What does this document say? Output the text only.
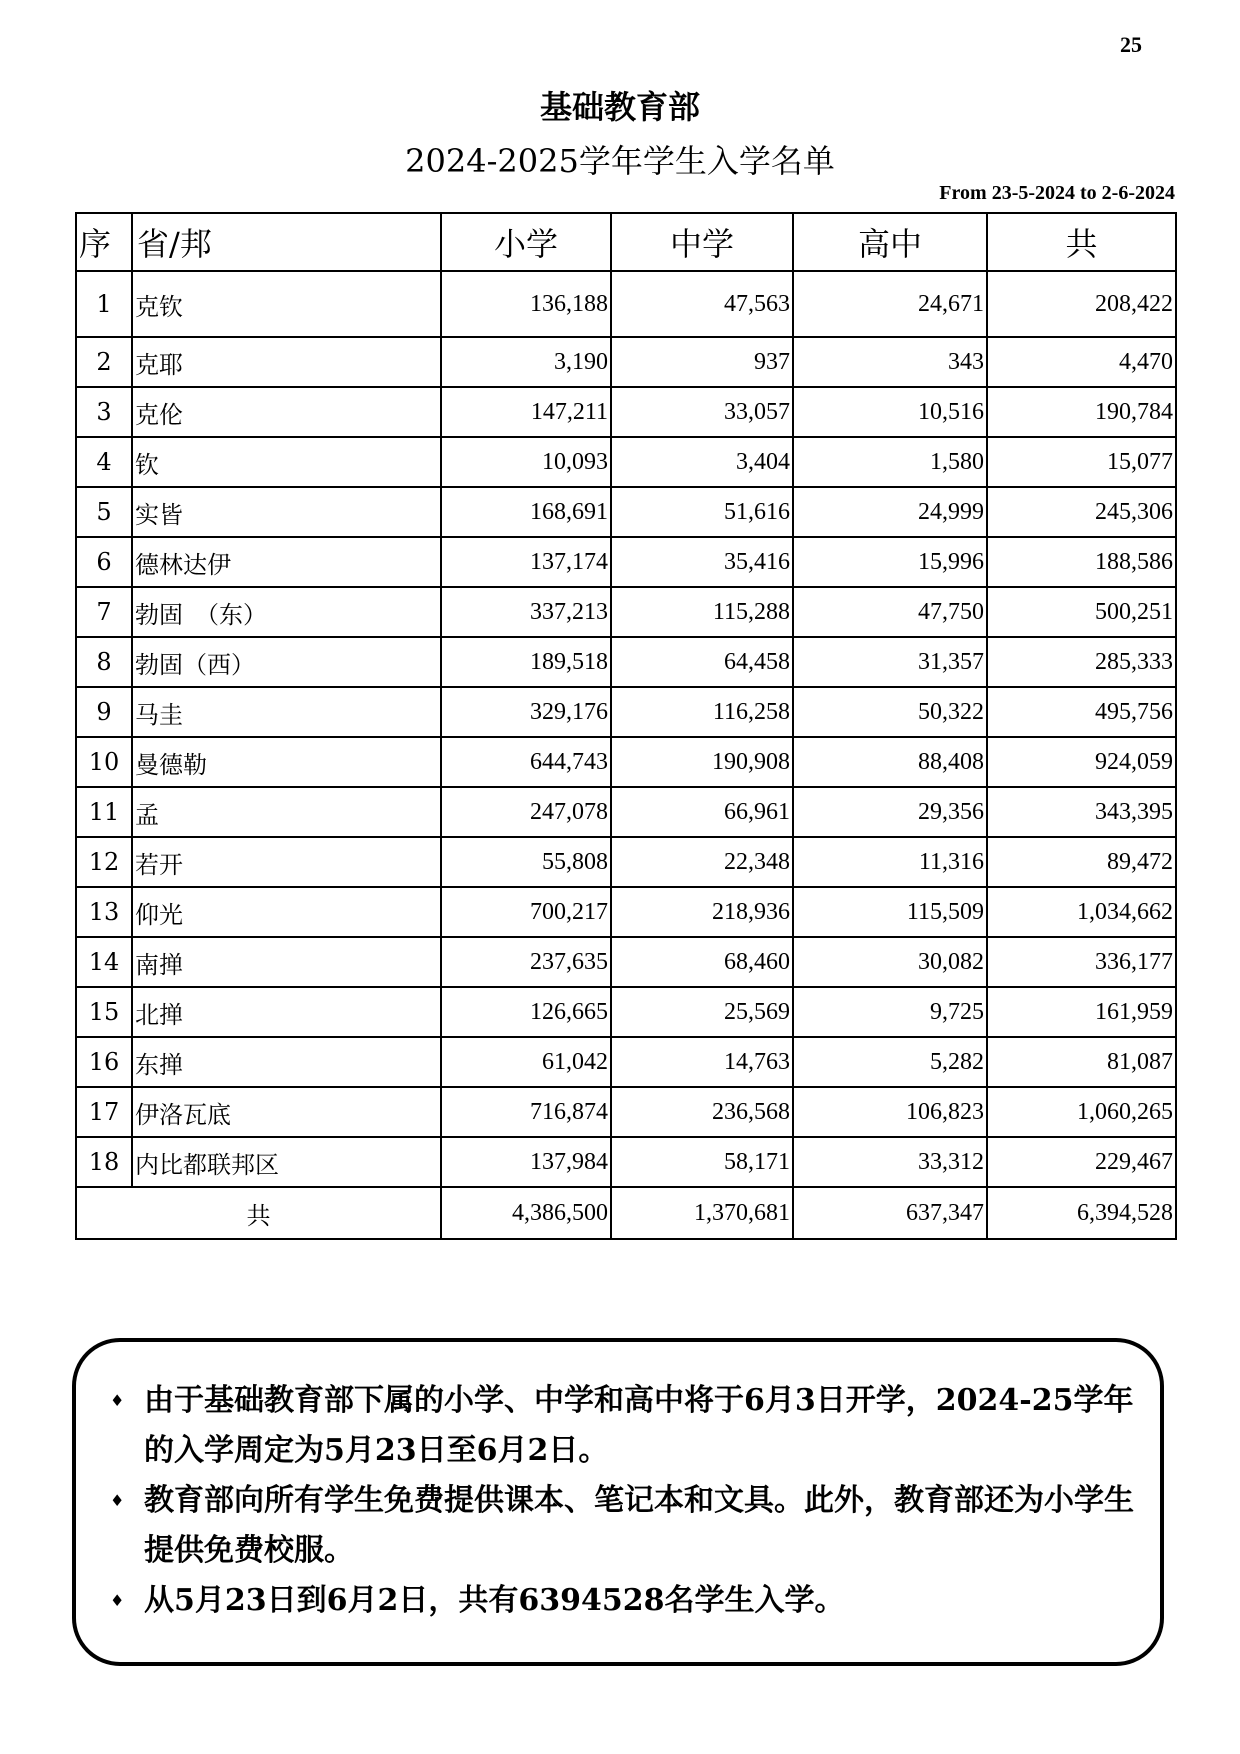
25
基础教育部
2024-2025学年学生入学名单
From 23-5-2024 to 2-6-2024
序	省/邦	小学	中学	高中	共
1	克钦	136,188	47,563	24,671	208,422
2	克耶	3,190	937	343	4,470
3	克伦	147,211	33,057	10,516	190,784
4	钦	10,093	3,404	1,580	15,077
5	实皆	168,691	51,616	24,999	245,306
6	德林达伊	137,174	35,416	15,996	188,586
7	勃固　（东）	337,213	115,288	47,750	500,251
8	勃固（西）	189,518	64,458	31,357	285,333
9	马圭	329,176	116,258	50,322	495,756
10	曼德勒	644,743	190,908	88,408	924,059
11	孟	247,078	66,961	29,356	343,395
12	若开	55,808	22,348	11,316	89,472
13	仰光	700,217	218,936	115,509	1,034,662
14	南掸	237,635	68,460	30,082	336,177
15	北掸	126,665	25,569	9,725	161,959
16	东掸	61,042	14,763	5,282	81,087
17	伊洛瓦底	716,874	236,568	106,823	1,060,265
18	内比都联邦区	137,984	58,171	33,312	229,467
共		4,386,500	1,370,681	637,347	6,394,528
♦ 由于基础教育部下属的小学、中学和高中将于6月3日开学，2024-25学年的入学周定为5月23日至6月2日。
♦ 教育部向所有学生免费提供课本、笔记本和文具。此外，教育部还为小学生提供免费校服。
♦ 从5月23日到6月2日，共有6394528名学生入学。
